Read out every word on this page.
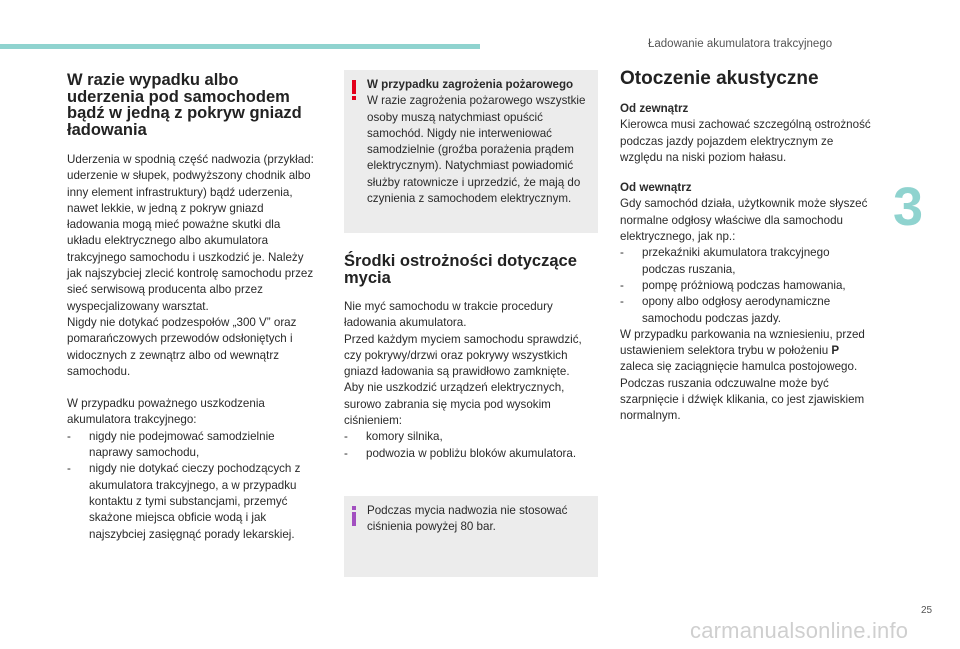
Ładowanie akumulatora trakcyjnego
3
W razie wypadku albo uderzenia pod samochodem bądź w jedną z pokryw gniazd ładowania

Uderzenia w spodnią część nadwozia (przykład: uderzenie w słupek, podwyższony chodnik albo inny element infrastruktury) bądź uderzenia, nawet lekkie, w jedną z pokryw gniazd ładowania mogą mieć poważne skutki dla układu elektrycznego albo akumulatora trakcyjnego samochodu i uszkodzić je. Należy jak najszybciej zlecić kontrolę samochodu przez sieć serwisową producenta albo przez wyspecjalizowany warsztat.

Nigdy nie dotykać podzespołów „300 V” oraz pomarańczowych przewodów odsłoniętych i widocznych z zewnątrz albo od wewnątrz samochodu.

W przypadku poważnego uszkodzenia akumulatora trakcyjnego:

-	nigdy nie podejmować samodzielnie naprawy samochodu,
-	nigdy nie dotykać cieczy pochodzących z akumulatora trakcyjnego, a w przypadku kontaktu z tymi substancjami, przemyć skażone miejsca obficie wodą i jak najszybciej zasięgnąć porady lekarskiej.

W przypadku zagrożenia pożarowego

W razie zagrożenia pożarowego wszystkie osoby muszą natychmiast opuścić samochód. Nigdy nie interweniować samodzielnie (groźba porażenia prądem elektrycznym). Natychmiast powiadomić służby ratownicze i uprzedzić, że mają do czynienia z samochodem elektrycznym.

Środki ostrożności dotyczące mycia

Nie myć samochodu w trakcie procedury ładowania akumulatora.

Przed każdym myciem samochodu sprawdzić, czy pokrywy/drzwi oraz pokrywy wszystkich gniazd ładowania są prawidłowo zamknięte.

Aby nie uszkodzić urządzeń elektrycznych, surowo zabrania się mycia pod wysokim ciśnieniem:

-	komory silnika,
-	podwozia w pobliżu bloków akumulatora.

Podczas mycia nadwozia nie stosować ciśnienia powyżej 80 bar.

Otoczenie akustyczne

Od zewnątrz

Kierowca musi zachować szczególną ostrożność podczas jazdy pojazdem elektrycznym ze względu na niski poziom hałasu.

Od wewnątrz

Gdy samochód działa, użytkownik może słyszeć normalne odgłosy właściwe dla samochodu elektrycznego, jak np.:

-	przekaźniki akumulatora trakcyjnego podczas ruszania,
-	pompę próżniową podczas hamowania,
-	opony albo odgłosy aerodynamiczne samochodu podczas jazdy.

W przypadku parkowania na wzniesieniu, przed ustawieniem selektora trybu w położeniu P zaleca się zaciągnięcie hamulca postojowego. Podczas ruszania odczuwalne może być szarpnięcie i dźwięk klikania, co jest zjawiskiem normalnym.

25
carmanualsonline.info
